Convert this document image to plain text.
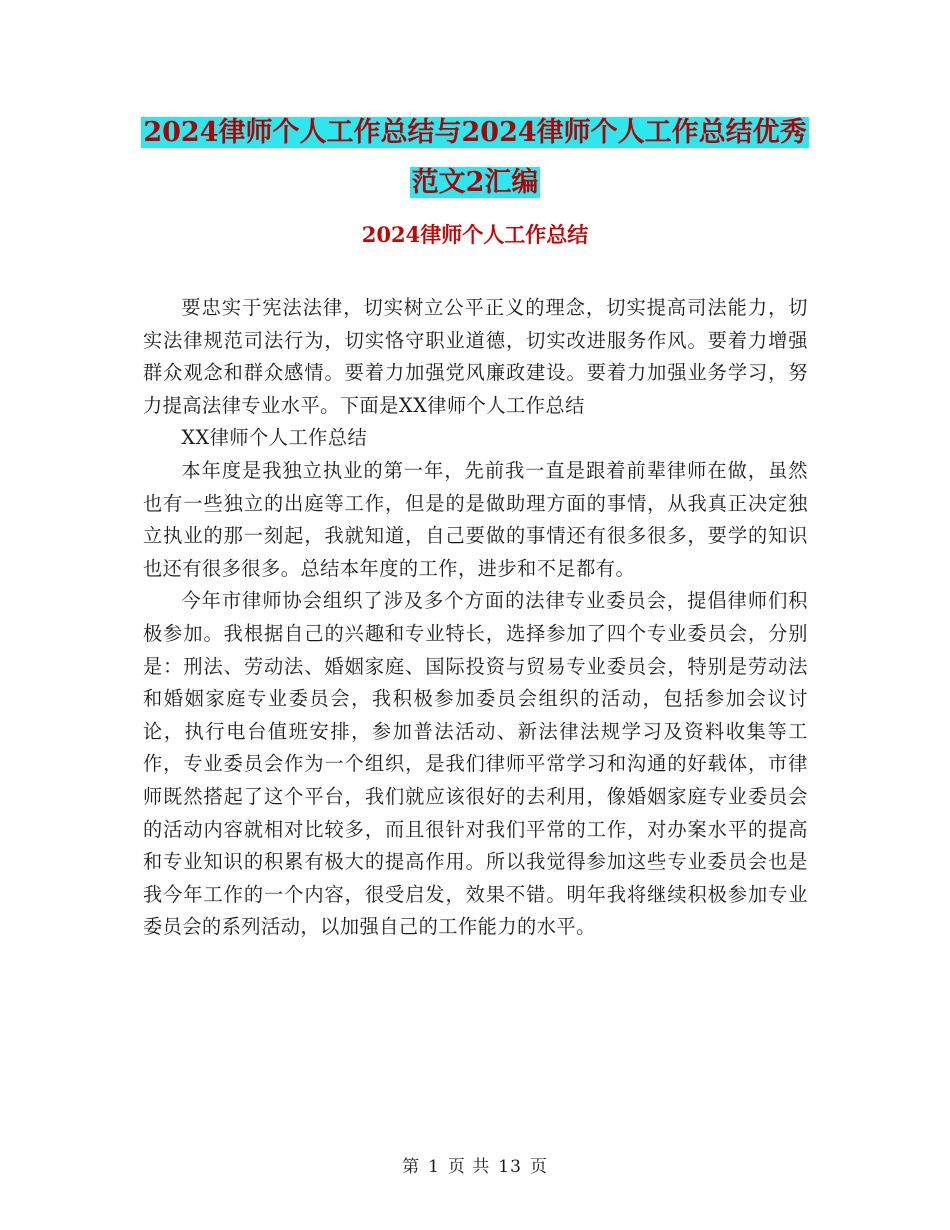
2024律师个人工作总结与2024律师个人工作总结优秀
范文2汇编
2024律师个人工作总结

要忠实于宪法法律，切实树立公平正义的理念，切实提高司法能力，切实法律规范司法行为，切实恪守职业道德，切实改进服务作风。要着力增强群众观念和群众感情。要着力加强党风廉政建设。要着力加强业务学习，努力提高法律专业水平。下面是XX律师个人工作总结

XX律师个人工作总结

本年度是我独立执业的第一年，先前我一直是跟着前辈律师在做，虽然也有一些独立的出庭等工作，但是的是做助理方面的事情，从我真正决定独立执业的那一刻起，我就知道，自己要做的事情还有很多很多，要学的知识也还有很多很多。总结本年度的工作，进步和不足都有。

今年市律师协会组织了涉及多个方面的法律专业委员会，提倡律师们积极参加。我根据自己的兴趣和专业特长，选择参加了四个专业委员会，分别是：刑法、劳动法、婚姻家庭、国际投资与贸易专业委员会，特别是劳动法和婚姻家庭专业委员会，我积极参加委员会组织的活动，包括参加会议讨论，执行电台值班安排，参加普法活动、新法律法规学习及资料收集等工作，专业委员会作为一个组织，是我们律师平常学习和沟通的好载体，市律师既然搭起了这个平台，我们就应该很好的去利用，像婚姻家庭专业委员会的活动内容就相对比较多，而且很针对我们平常的工作，对办案水平的提高和专业知识的积累有极大的提高作用。所以我觉得参加这些专业委员会也是我今年工作的一个内容，很受启发，效果不错。明年我将继续积极参加专业委员会的系列活动，以加强自己的工作能力的水平。

第 1 页 共 13 页
